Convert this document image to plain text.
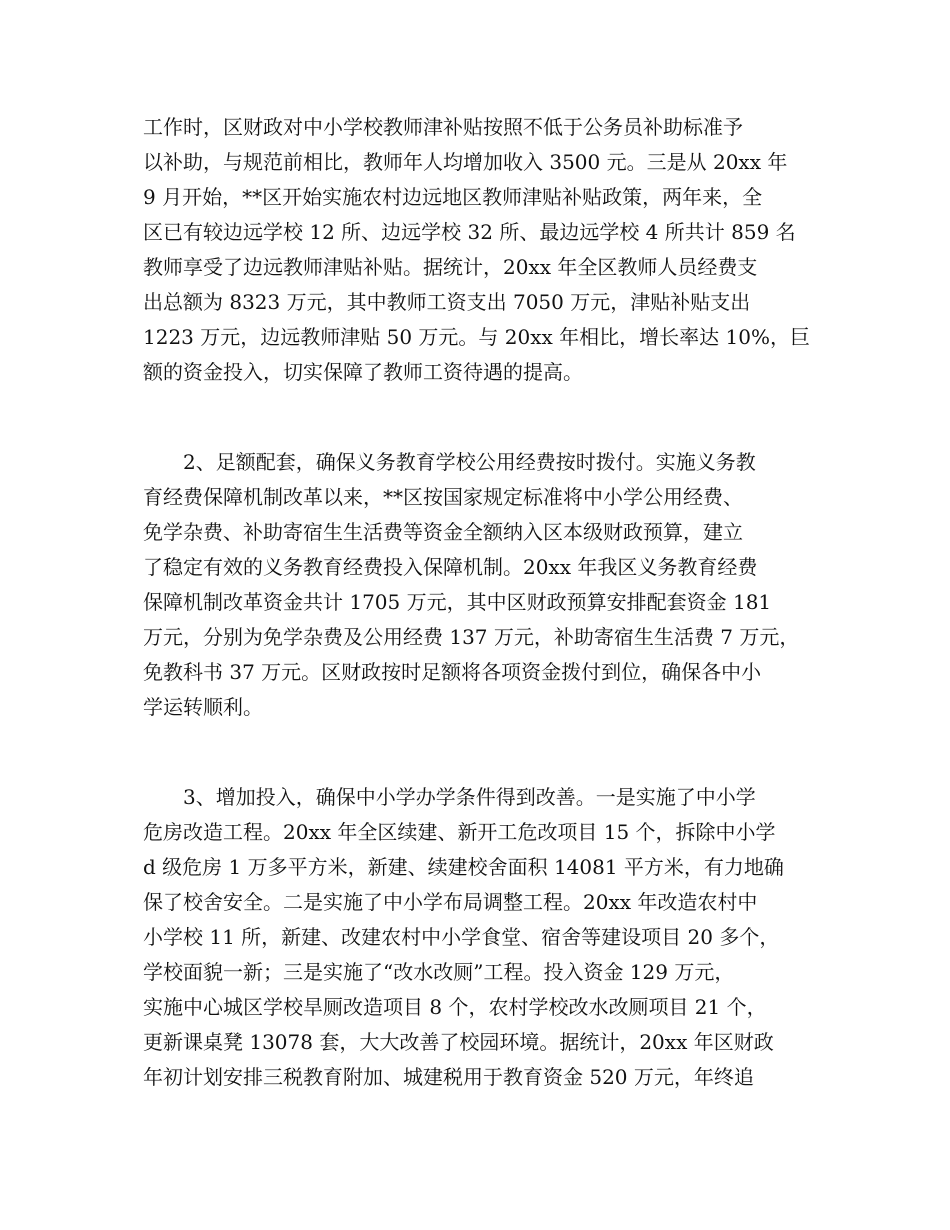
工作时，区财政对中小学校教师津补贴按照不低于公务员补助标准予
以补助，与规范前相比，教师年人均增加收入 3500 元。三是从 20xx 年
9 月开始，**区开始实施农村边远地区教师津贴补贴政策，两年来，全
区已有较边远学校 12 所、边远学校 32 所、最边远学校 4 所共计 859 名
教师享受了边远教师津贴补贴。据统计，20xx 年全区教师人员经费支
出总额为 8323 万元，其中教师工资支出 7050 万元，津贴补贴支出
1223 万元，边远教师津贴 50 万元。与 20xx 年相比，增长率达 10%，巨
额的资金投入，切实保障了教师工资待遇的提高。
2、足额配套，确保义务教育学校公用经费按时拨付。实施义务教
育经费保障机制改革以来，**区按国家规定标准将中小学公用经费、
免学杂费、补助寄宿生生活费等资金全额纳入区本级财政预算，建立
了稳定有效的义务教育经费投入保障机制。20xx 年我区义务教育经费
保障机制改革资金共计 1705 万元，其中区财政预算安排配套资金 181
万元，分别为免学杂费及公用经费 137 万元，补助寄宿生生活费 7 万元，
免教科书 37 万元。区财政按时足额将各项资金拨付到位，确保各中小
学运转顺利。
3、增加投入，确保中小学办学条件得到改善。一是实施了中小学
危房改造工程。20xx 年全区续建、新开工危改项目 15 个，拆除中小学
d 级危房 1 万多平方米，新建、续建校舍面积 14081 平方米，有力地确
保了校舍安全。二是实施了中小学布局调整工程。20xx 年改造农村中
小学校 11 所，新建、改建农村中小学食堂、宿舍等建设项目 20 多个，
学校面貌一新；三是实施了“改水改厕”工程。投入资金 129 万元，
实施中心城区学校旱厕改造项目 8 个，农村学校改水改厕项目 21 个，
更新课桌凳 13078 套，大大改善了校园环境。据统计，20xx 年区财政
年初计划安排三税教育附加、城建税用于教育资金 520 万元，年终追
